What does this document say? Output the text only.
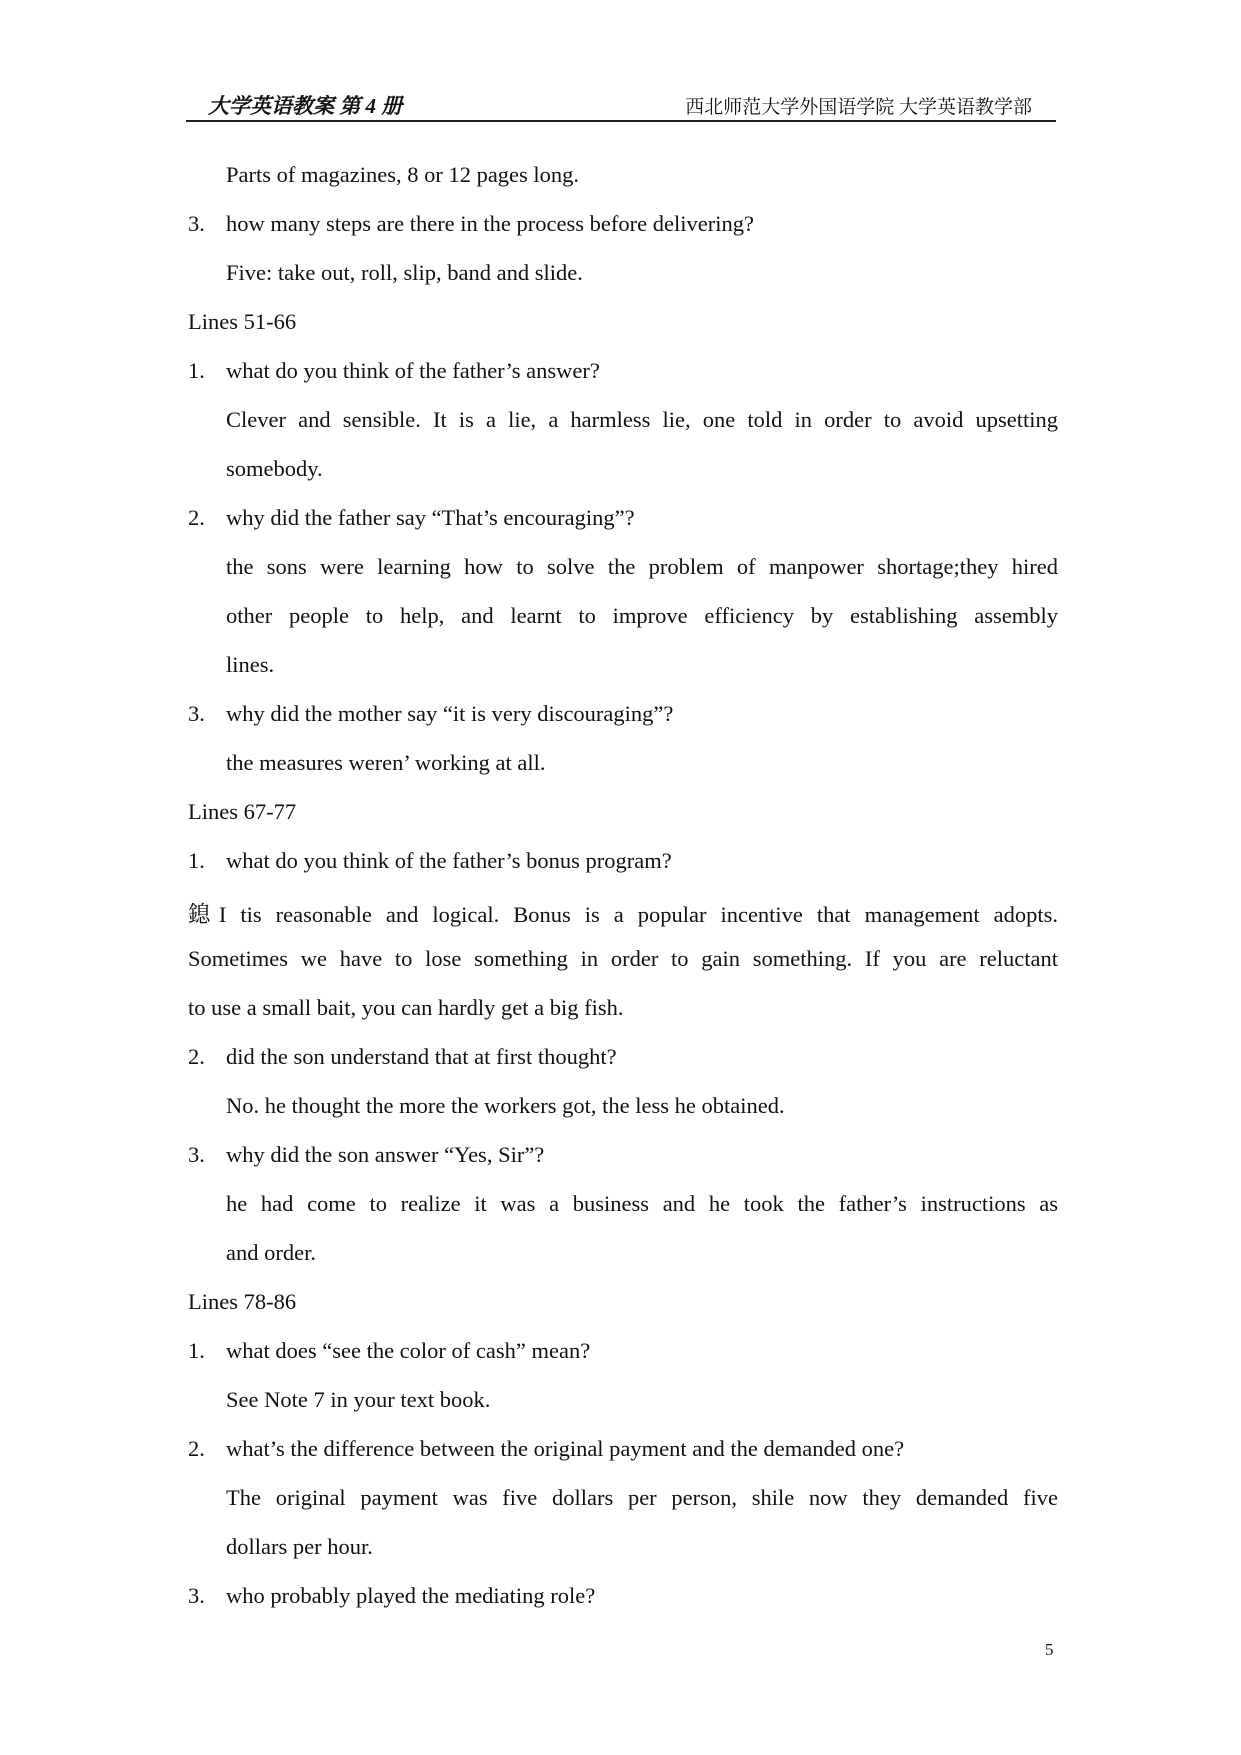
大学英语教案 第 4 册	西北师范大学外国语学院 大学英语教学部
Parts of magazines, 8 or 12 pages long.
3. how many steps are there in the process before delivering?
Five: take out, roll, slip, band and slide.
Lines 51-66
1. what do you think of the father’s answer?
Clever and sensible. It is a lie, a harmless lie, one told in order to avoid upsetting
somebody.
2. why did the father say “That’s encouraging”?
the sons were learning how to solve the problem of manpower shortage;they hired
other people to help, and learnt to improve efficiency by establishing assembly
lines.
3. why did the mother say “it is very discouraging”?
the measures weren’ working at all.
Lines 67-77
1. what do you think of the father’s bonus program?
鎴I tis reasonable and logical. Bonus is a popular incentive that management adopts.
Sometimes we have to lose something in order to gain something. If you are reluctant
to use a small bait, you can hardly get a big fish.
2. did the son understand that at first thought?
No. he thought the more the workers got, the less he obtained.
3. why did the son answer “Yes, Sir”?
he had come to realize it was a business and he took the father’s instructions as
and order.
Lines 78-86
1. what does “see the color of cash” mean?
See Note 7 in your text book.
2. what’s the difference between the original payment and the demanded one?
The original payment was five dollars per person, shile now they demanded five
dollars per hour.
3. who probably played the mediating role?
5
